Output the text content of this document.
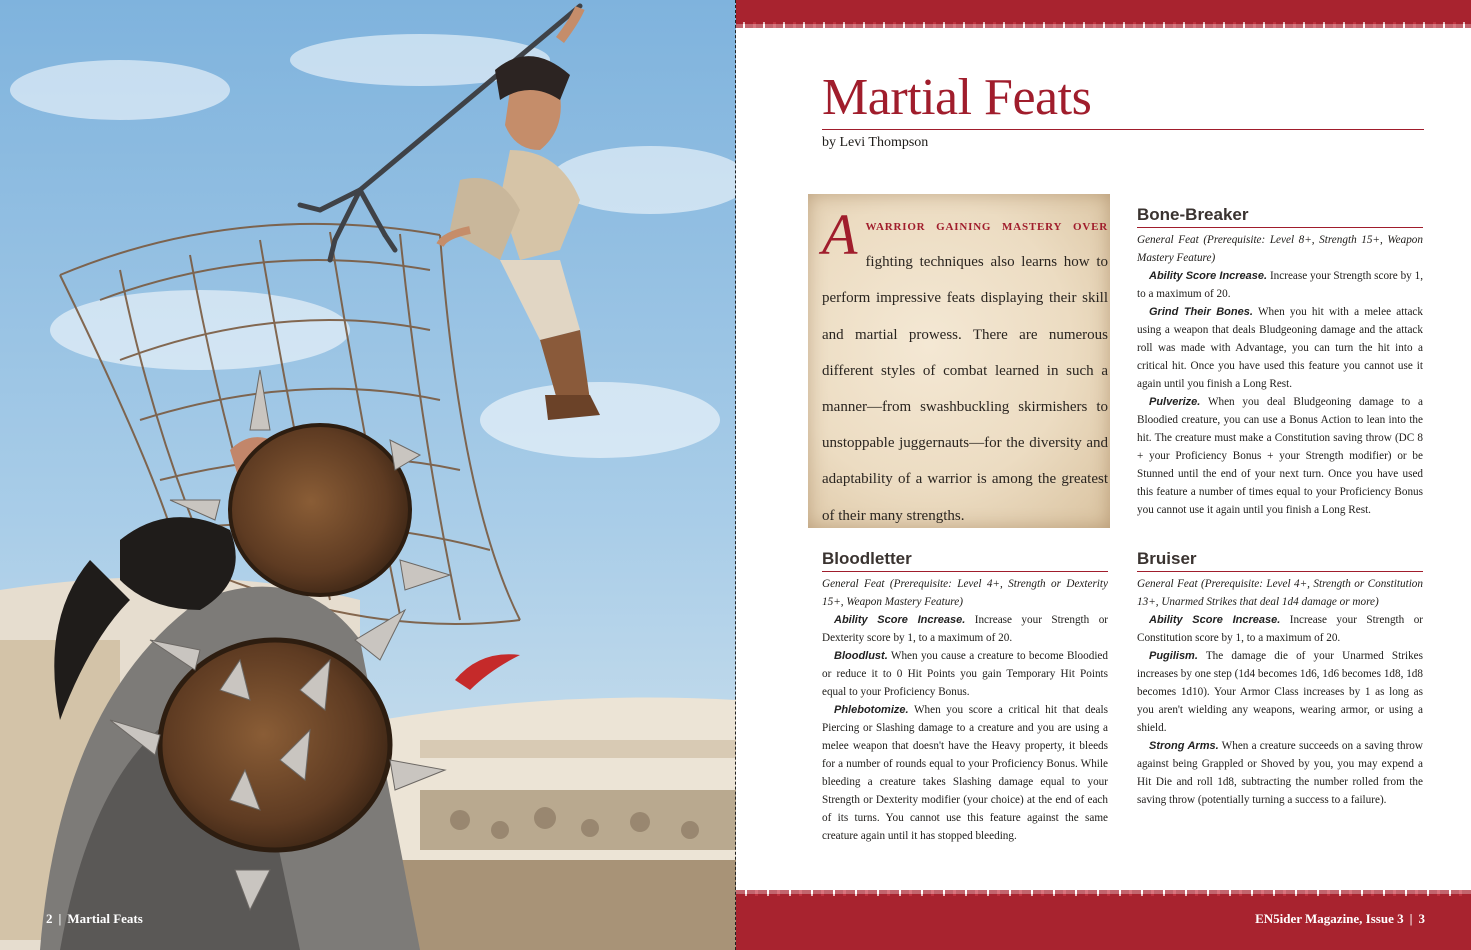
2 | Martial Feats
Martial Feats
by Levi Thompson

Awarrior gaining mastery over fighting techniques also learns how to perform impressive feats displaying their skill and martial prowess. There are numerous different styles of combat learned in such a manner—from swashbuckling skirmishers to unstoppable juggernauts—for the diversity and adaptability of a warrior is among the greatest of their many strengths.

Bloodletter

General Feat (Prerequisite: Level 4+, Strength or Dexterity 15+, Weapon Mastery Feature)

Ability Score Increase. Increase your Strength or Dexterity score by 1, to a maximum of 20.

Bloodlust. When you cause a creature to become Bloodied or reduce it to 0 Hit Points you gain Temporary Hit Points equal to your Proficiency Bonus.

Phlebotomize. When you score a critical hit that deals Piercing or Slashing damage to a creature and you are using a melee weapon that doesn't have the Heavy property, it bleeds for a number of rounds equal to your Proficiency Bonus. While bleeding a creature takes Slashing damage equal to your Strength or Dexterity modifier (your choice) at the end of each of its turns. You cannot use this feature against the same creature again until it has stopped bleeding.

Bone-Breaker

General Feat (Prerequisite: Level 8+, Strength 15+, Weapon Mastery Feature)

Ability Score Increase. Increase your Strength score by 1, to a maximum of 20.

Grind Their Bones. When you hit with a melee attack using a weapon that deals Bludgeoning damage and the attack roll was made with Advantage, you can turn the hit into a critical hit. Once you have used this feature you cannot use it again until you finish a Long Rest.

Pulverize. When you deal Bludgeoning damage to a Bloodied creature, you can use a Bonus Action to lean into the hit. The creature must make a Constitution saving throw (DC 8 + your Proficiency Bonus + your Strength modifier) or be Stunned until the end of your next turn. Once you have used this feature a number of times equal to your Proficiency Bonus you cannot use it again until you finish a Long Rest.

Bruiser

General Feat (Prerequisite: Level 4+, Strength or Constitution 13+, Unarmed Strikes that deal 1d4 damage or more)

Ability Score Increase. Increase your Strength or Constitution score by 1, to a maximum of 20.

Pugilism. The damage die of your Unarmed Strikes increases by one step (1d4 becomes 1d6, 1d6 becomes 1d8, 1d8 becomes 1d10). Your Armor Class increases by 1 as long as you aren't wielding any weapons, wearing armor, or using a shield.

Strong Arms. When a creature succeeds on a saving throw against being Grappled or Shoved by you, you may expend a Hit Die and roll 1d8, subtracting the number rolled from the saving throw (potentially turning a success to a failure).

EN5ider Magazine, Issue 3 | 3
